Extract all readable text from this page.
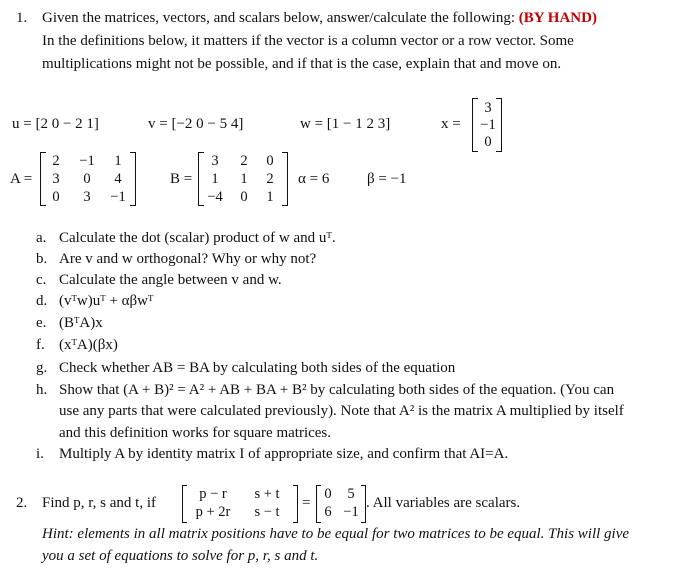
1. Given the matrices, vectors, and scalars below, answer/calculate the following: (BY HAND)
In the definitions below, it matters if the vector is a column vector or a row vector. Some
multiplications might not be possible, and if that is the case, explain that and move on.
u = [2 0 − 2 1]	v = [−2 0 − 5 4]	w = [1 − 1 2 3]	x =
3
−1
0
A =
2	−1	1
3	0	4
0	3	−1
B =
3	2	0
1	1	2
−4	0	1
α = 6	β = −1
a. Calculate the dot (scalar) product of w and uᵀ.
b. Are v and w orthogonal? Why or why not?
c. Calculate the angle between v and w.
d. (vᵀw)uᵀ + αβwᵀ
e. (BᵀA)x
f. (xᵀA)(βx)
g. Check whether AB = BA by calculating both sides of the equation
h. Show that (A + B)² = A² + AB + BA + B² by calculating both sides of the equation. (You can
use any parts that were calculated previously). Note that A² is the matrix A multiplied by itself
and this definition works for square matrices.
i.	Multiply A by identity matrix I of appropriate size, and confirm that AI=A.
2. Find p, r, s and t, if
p − r	s + t
p + 2r	s − t
=
0	5
6 −1
. All variables are scalars.
Hint: elements in all matrix positions have to be equal for two matrices to be equal. This will give
you a set of equations to solve for p, r, s and t.
